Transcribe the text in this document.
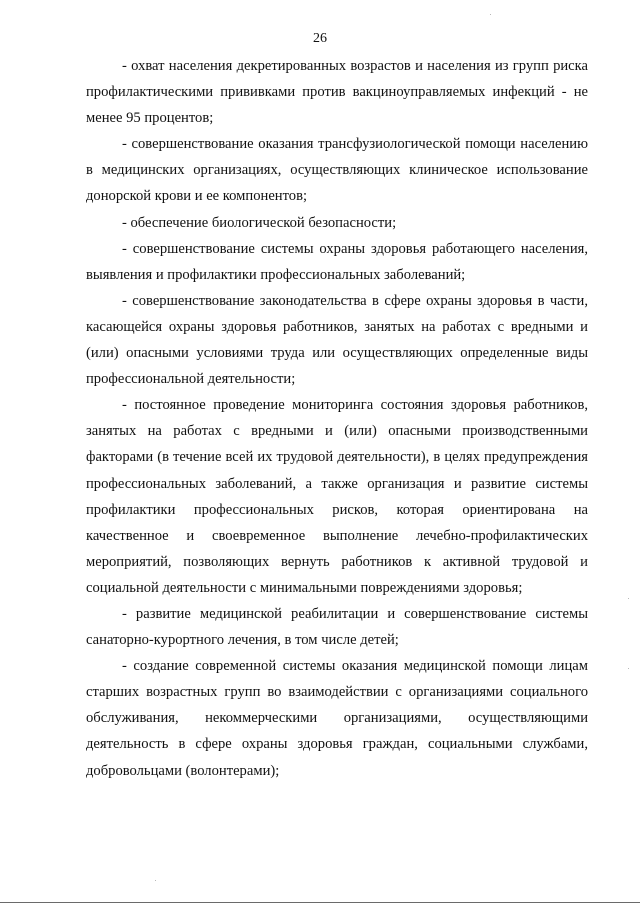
26

- охват населения декретированных возрастов и населения из групп риска профилактическими прививками против вакциноуправляемых инфекций - не менее 95 процентов;

- совершенствование оказания трансфузиологической помощи населению в медицинских организациях, осуществляющих клиническое использование донорской крови и ее компонентов;

- обеспечение биологической безопасности;

- совершенствование системы охраны здоровья работающего населения, выявления и профилактики профессиональных заболеваний;

- совершенствование законодательства в сфере охраны здоровья в части, касающейся охраны здоровья работников, занятых на работах с вредными и (или) опасными условиями труда или осуществляющих определенные виды профессиональной деятельности;

- постоянное проведение мониторинга состояния здоровья работников, занятых на работах с вредными и (или) опасными производственными факторами (в течение всей их трудовой деятельности), в целях предупреждения профессиональных заболеваний, а также организация и развитие системы профилактики профессиональных рисков, которая ориентирована на качественное и своевременное выполнение лечебно-профилактических мероприятий, позволяющих вернуть работников к активной трудовой и социальной деятельности с минимальными повреждениями здоровья;

- развитие медицинской реабилитации и совершенствование системы санаторно-курортного лечения, в том числе детей;

- создание современной системы оказания медицинской помощи лицам старших возрастных групп во взаимодействии с организациями социального обслуживания, некоммерческими организациями, осуществляющими деятельность в сфере охраны здоровья граждан, социальными службами, добровольцами (волонтерами);
